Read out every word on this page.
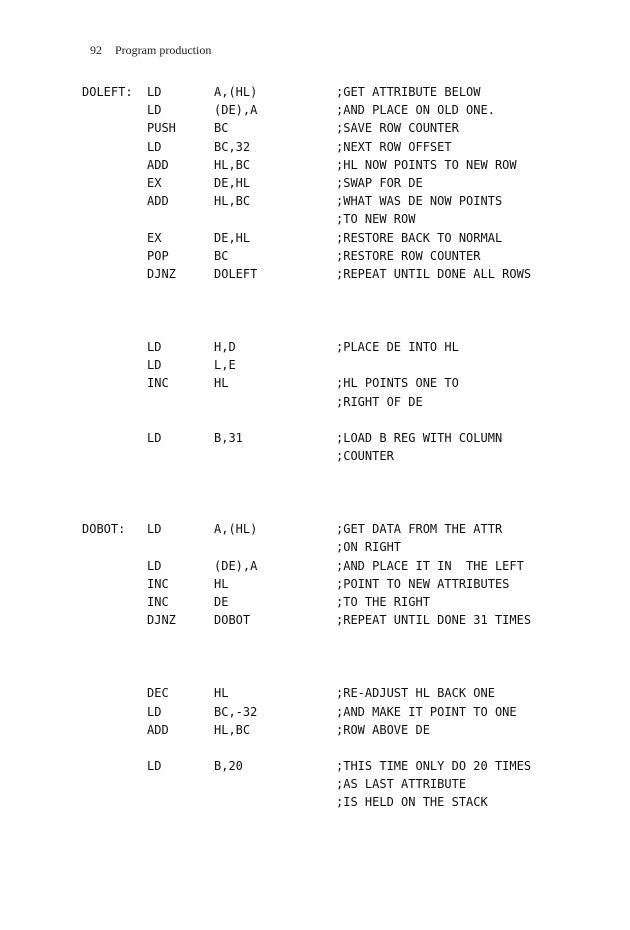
92 Program production
DOLEFT: LD	A,(HL)	;GET ATTRIBUTE BELOW
LD	(DE),A	;AND PLACE ON OLD ONE.
PUSH	BC	;SAVE ROW COUNTER
LD	BC,32	;NEXT ROW OFFSET
ADD	HL,BC	;HL NOW POINTS TO NEW ROW
EX	DE,HL	;SWAP FOR DE
ADD	HL,BC	;WHAT WAS DE NOW POINTS
;TO NEW ROW
EX	DE,HL	;RESTORE BACK TO NORMAL
POP	BC	;RESTORE ROW COUNTER
DJNZ	DOLEFT	;REPEAT UNTIL DONE ALL ROWS
LD	H,D	;PLACE DE INTO HL
LD	L,E
INC	HL	;HL POINTS ONE TO
;RIGHT OF DE
LD	B,31	;LOAD B REG WITH COLUMN
;COUNTER
DOBOT: LD	A,(HL)	;GET DATA FROM THE ATTR
;ON RIGHT
LD	(DE),A	;AND PLACE IT IN  THE LEFT
INC	HL	;POINT TO NEW ATTRIBUTES
INC	DE	;TO THE RIGHT
DJNZ	DOBOT	;REPEAT UNTIL DONE 31 TIMES
DEC	HL	;RE-ADJUST HL BACK ONE
LD	BC,-32	;AND MAKE IT POINT TO ONE
ADD	HL,BC	;ROW ABOVE DE
LD	B,20	;THIS TIME ONLY DO 20 TIMES
;AS LAST ATTRIBUTE
;IS HELD ON THE STACK
